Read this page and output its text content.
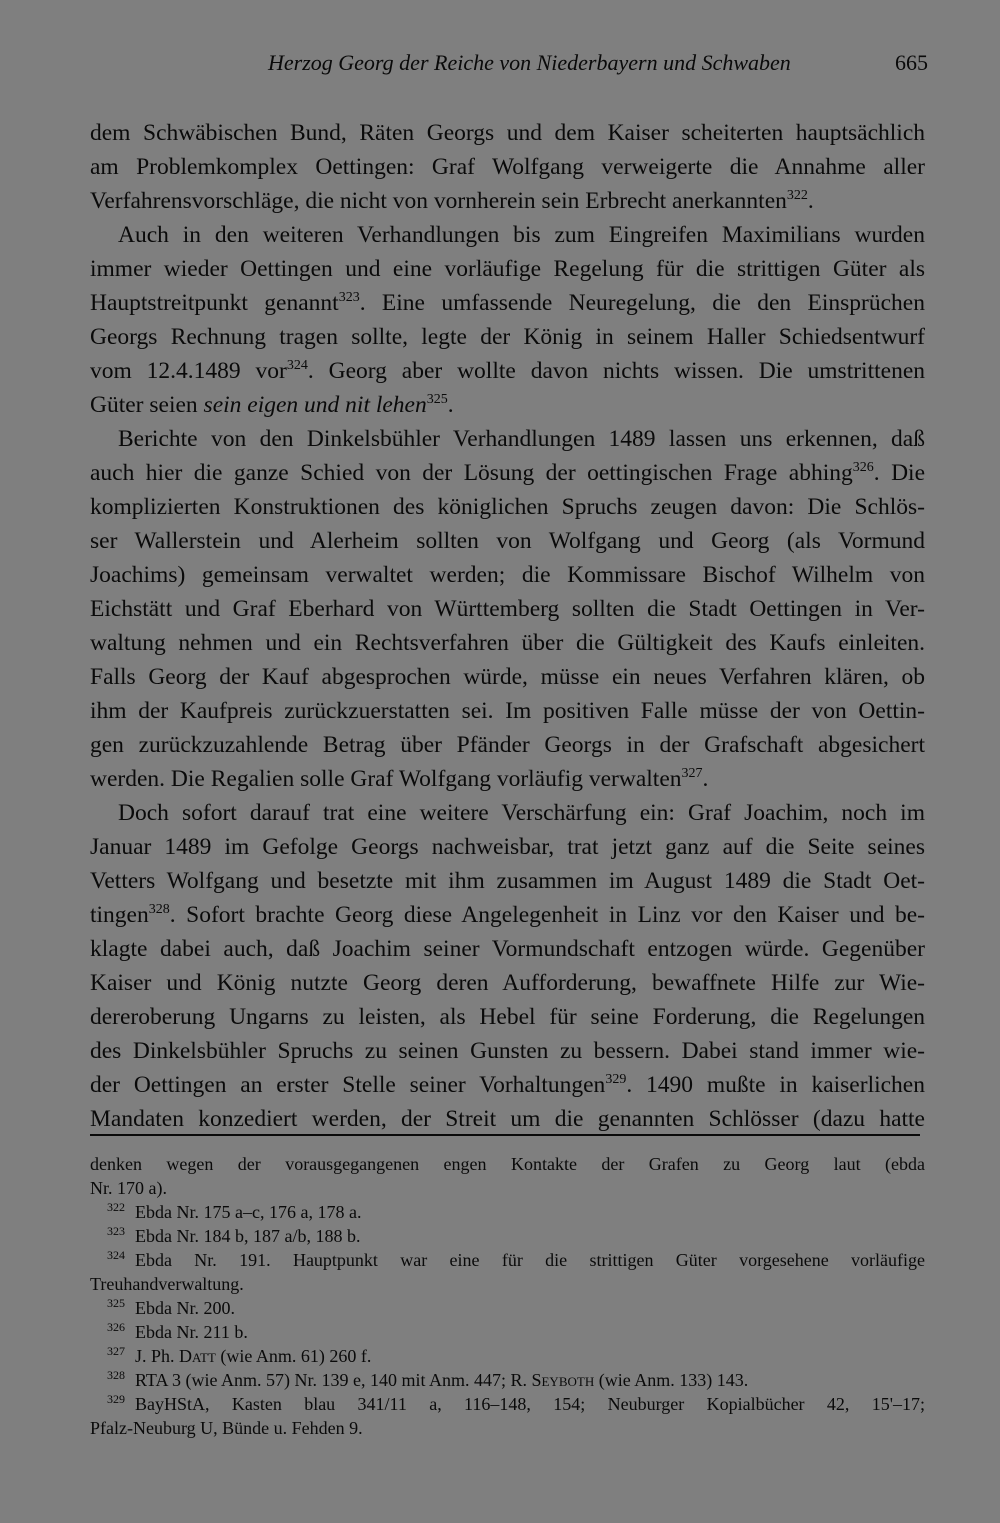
Herzog Georg der Reiche von Niederbayern und Schwaben	665
dem Schwäbischen Bund, Räten Georgs und dem Kaiser scheiterten hauptsächlich
am Problemkomplex Oettingen: Graf Wolfgang verweigerte die Annahme aller
Verfahrensvorschläge, die nicht von vornherein sein Erbrecht anerkannten$^{322}$.
Auch in den weiteren Verhandlungen bis zum Eingreifen Maximilians wurden
immer wieder Oettingen und eine vorläufige Regelung für die strittigen Güter als
Hauptstreitpunkt genannt$^{323}$. Eine umfassende Neuregelung, die den Einsprüchen
Georgs Rechnung tragen sollte, legte der König in seinem Haller Schiedsentwurf
vom 12.4.1489 vor$^{324}$. Georg aber wollte davon nichts wissen. Die umstrittenen
Güter seien sein eigen und nit lehen$^{325}$.
Berichte von den Dinkelsbühler Verhandlungen 1489 lassen uns erkennen, daß
auch hier die ganze Schied von der Lösung der oettingischen Frage abhing$^{326}$. Die
komplizierten Konstruktionen des königlichen Spruchs zeugen davon: Die Schlös-
ser Wallerstein und Alerheim sollten von Wolfgang und Georg (als Vormund
Joachims) gemeinsam verwaltet werden; die Kommissare Bischof Wilhelm von
Eichstätt und Graf Eberhard von Württemberg sollten die Stadt Oettingen in Ver-
waltung nehmen und ein Rechtsverfahren über die Gültigkeit des Kaufs einleiten.
Falls Georg der Kauf abgesprochen würde, müsse ein neues Verfahren klären, ob
ihm der Kaufpreis zurückzuerstatten sei. Im positiven Falle müsse der von Oettin-
gen zurückzuzahlende Betrag über Pfänder Georgs in der Grafschaft abgesichert
werden. Die Regalien solle Graf Wolfgang vorläufig verwalten$^{327}$.
Doch sofort darauf trat eine weitere Verschärfung ein: Graf Joachim, noch im
Januar 1489 im Gefolge Georgs nachweisbar, trat jetzt ganz auf die Seite seines
Vetters Wolfgang und besetzte mit ihm zusammen im August 1489 die Stadt Oet-
tingen$^{328}$. Sofort brachte Georg diese Angelegenheit in Linz vor den Kaiser und be-
klagte dabei auch, daß Joachim seiner Vormundschaft entzogen würde. Gegenüber
Kaiser und König nutzte Georg deren Aufforderung, bewaffnete Hilfe zur Wie-
dereroberung Ungarns zu leisten, als Hebel für seine Forderung, die Regelungen
des Dinkelsbühler Spruchs zu seinen Gunsten zu bessern. Dabei stand immer wie-
der Oettingen an erster Stelle seiner Vorhaltungen$^{329}$. 1490 mußte in kaiserlichen
Mandaten konzediert werden, der Streit um die genannten Schlösser (dazu hatte
denken wegen der vorausgegangenen engen Kontakte der Grafen zu Georg laut (ebda
Nr. 170 a).
$^{322}$ Ebda Nr. 175 a–c, 176 a, 178 a.
$^{323}$ Ebda Nr. 184 b, 187 a/b, 188 b.
$^{324}$ Ebda Nr. 191. Hauptpunkt war eine für die strittigen Güter vorgesehene vorläufige
Treuhandverwaltung.
$^{325}$ Ebda Nr. 200.
$^{326}$ Ebda Nr. 211 b.
$^{327}$ J. Ph. Datt (wie Anm. 61) 260 f.
$^{328}$ RTA 3 (wie Anm. 57) Nr. 139 e, 140 mit Anm. 447; R. Seyboth (wie Anm. 133) 143.
$^{329}$ BayHStA, Kasten blau 341/11 a, 116–148, 154; Neuburger Kopialbücher 42, 15'–17;
Pfalz-Neuburg U, Bünde u. Fehden 9.
